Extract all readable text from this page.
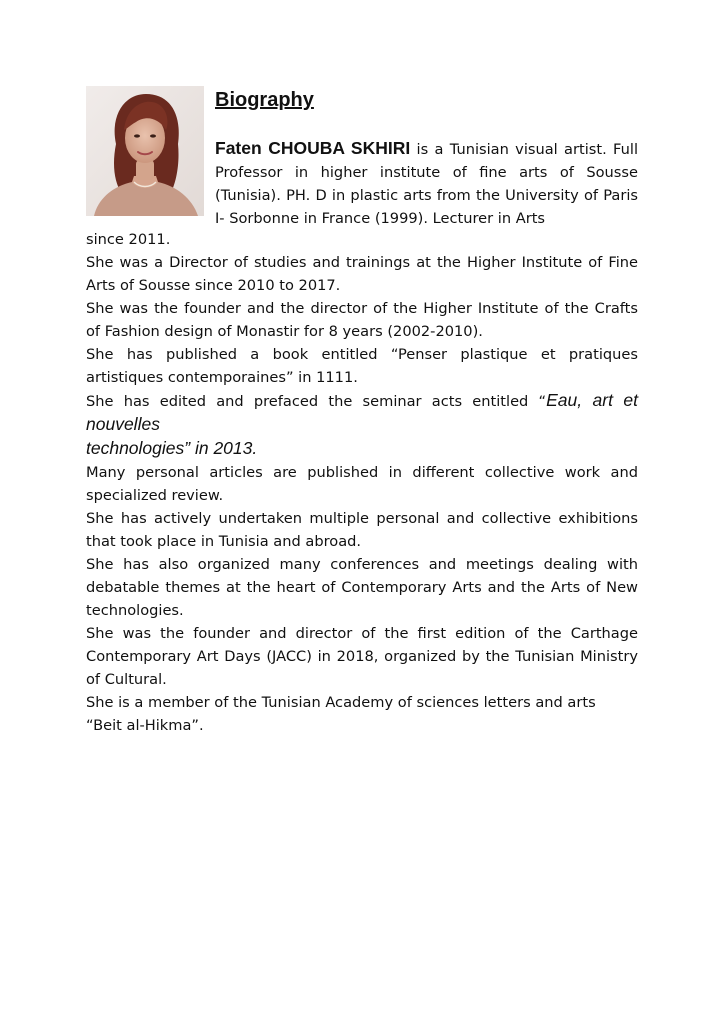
Biography

Faten CHOUBA SKHIRI is a Tunisian visual artist. Full Professor in higher institute of fine arts of Sousse (Tunisia). PH. D in plastic arts from the University of Paris I- Sorbonne in France (1999). Lecturer in Arts

since 2011.

She was a Director of studies and trainings at the Higher Institute of Fine Arts of Sousse since 2010 to 2017.

She was the founder and the director of the Higher Institute of the Crafts of Fashion design of Monastir for 8 years (2002-2010).

She has published a book entitled “Penser plastique et pratiques artistiques contemporaines” in 1111.

She has edited and prefaced the seminar acts entitled “Eau, art et nouvelles
technologies” in 2013.

Many personal articles are published in different collective work and specialized review.

She has actively undertaken multiple personal and collective exhibitions that took place in Tunisia and abroad.

She has also organized many conferences and meetings dealing with debatable themes at the heart of Contemporary Arts and the Arts of New technologies.

She was the founder and director of the first edition of the Carthage Contemporary Art Days (JACC) in 2018, organized by the Tunisian Ministry of Cultural.

She is a member of the Tunisian Academy of sciences letters and arts
“Beit al-Hikma”.
